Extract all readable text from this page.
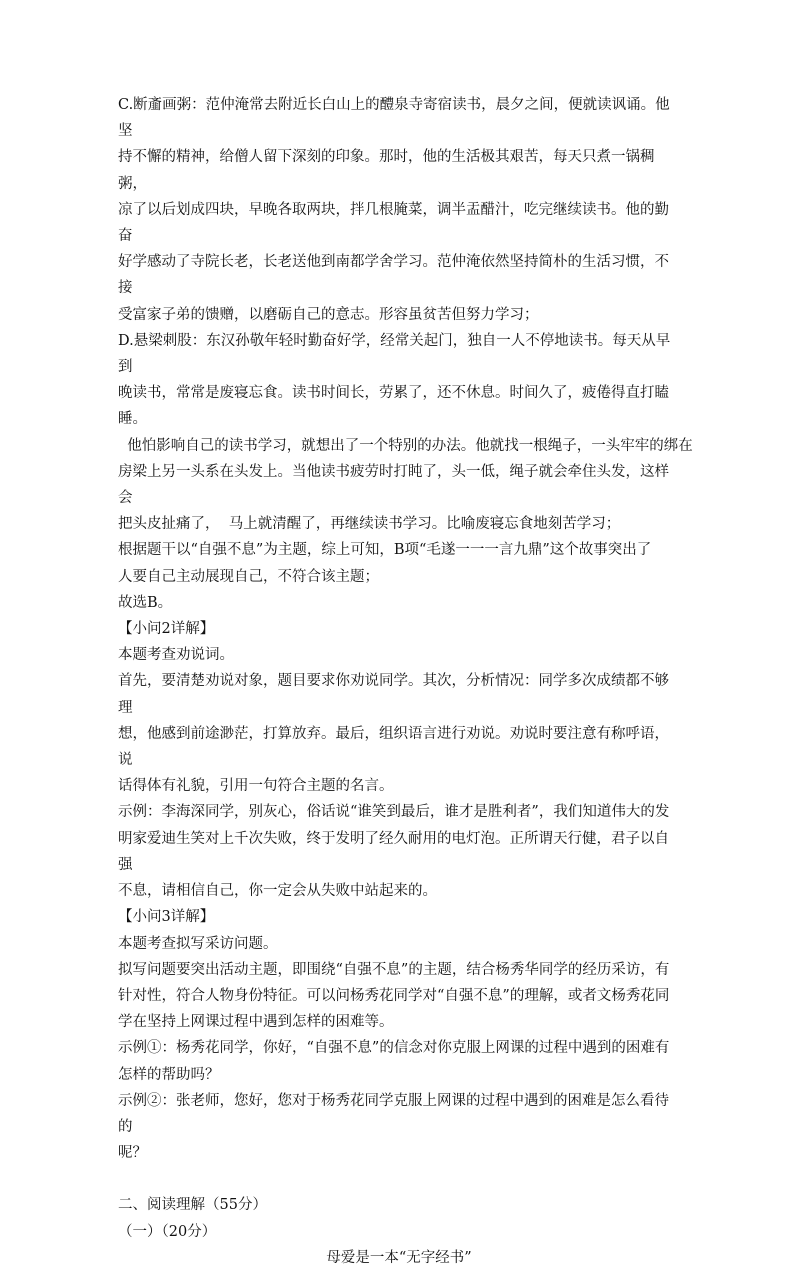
C.断齑画粥：范仲淹常去附近长白山上的醴泉寺寄宿读书，晨夕之间，便就读讽诵。他坚

持不懈的精神，给僧人留下深刻的印象。那时，他的生活极其艰苦，每天只煮一锅稠粥，

凉了以后划成四块，早晚各取两块，拌几根腌菜，调半盂醋汁，吃完继续读书。他的勤奋

好学感动了寺院长老，长老送他到南都学舍学习。范仲淹依然坚持简朴的生活习惯，不接

受富家子弟的馈赠，以磨砺自己的意志。形容虽贫苦但努力学习；

D.悬梁刺股：东汉孙敬年轻时勤奋好学，经常关起门，独自一人不停地读书。每天从早到

晚读书，常常是废寝忘食。读书时间长，劳累了，还不休息。时间久了，疲倦得直打瞌睡。

他怕影响自己的读书学习，就想出了一个特别的办法。他就找一根绳子，一头牢牢的绑在

房梁上另一头系在头发上。当他读书疲劳时打盹了，头一低，绳子就会牵住头发，这样会

把头皮扯痛了，  马上就清醒了，再继续读书学习。比喻废寝忘食地刻苦学习；

根据题干以“自强不息”为主题，综上可知，B项“毛遂一一一言九鼎”这个故事突出了

人要自己主动展现自己，不符合该主题；

故选B。

【小问2详解】

本题考查劝说词。

首先，要清楚劝说对象，题目要求你劝说同学。其次，分析情况：同学多次成绩都不够理

想，他感到前途渺茫，打算放弃。最后，组织语言进行劝说。劝说时要注意有称呼语，说

话得体有礼貌，引用一句符合主题的名言。

示例：李海深同学，别灰心，俗话说“谁笑到最后，谁才是胜利者”，我们知道伟大的发

明家爱迪生笑对上千次失败，终于发明了经久耐用的电灯泡。正所谓天行健，君子以自强

不息，请相信自己，你一定会从失败中站起来的。

【小问3详解】

本题考查拟写采访问题。

拟写问题要突出活动主题，即围绕“自强不息”的主题，结合杨秀华同学的经历采访，有

针对性，符合人物身份特征。可以问杨秀花同学对“自强不息”的理解，或者文杨秀花同

学在坚持上网课过程中遇到怎样的困难等。

示例①：杨秀花同学，你好，“自强不息”的信念对你克服上网课的过程中遇到的困难有

怎样的帮助吗？

示例②：张老师，您好，您对于杨秀花同学克服上网课的过程中遇到的困难是怎么看待的

呢？

二、阅读理解（55分）

（一）（20分）

母爱是一本“无字经书”
